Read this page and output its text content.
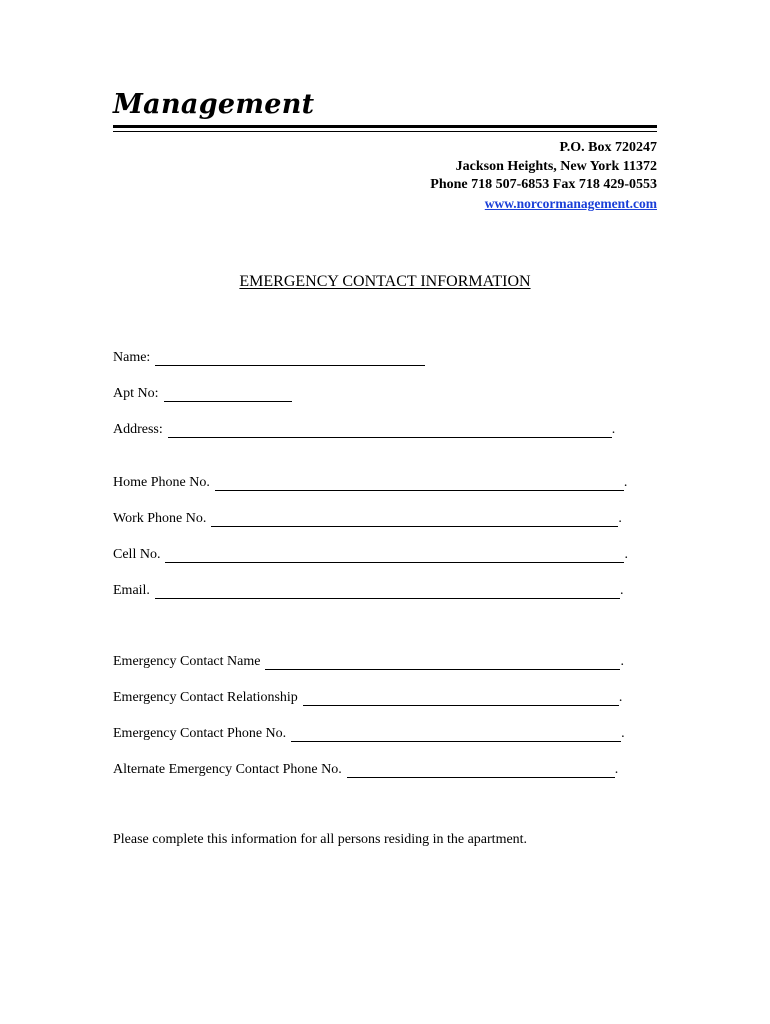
Management
P.O. Box 720247
Jackson Heights, New York 11372
Phone 718 507-6853 Fax 718 429-0553
www.norcormanagement.com
EMERGENCY CONTACT INFORMATION
Name:
Apt No:
Address:	.
Home Phone No.	.
Work Phone No.	.
Cell No.	.
Email.	.
Emergency Contact Name	.
Emergency Contact Relationship	.
Emergency Contact Phone No.	.
Alternate Emergency Contact Phone No.	.
Please complete this information for all persons residing in the apartment.
